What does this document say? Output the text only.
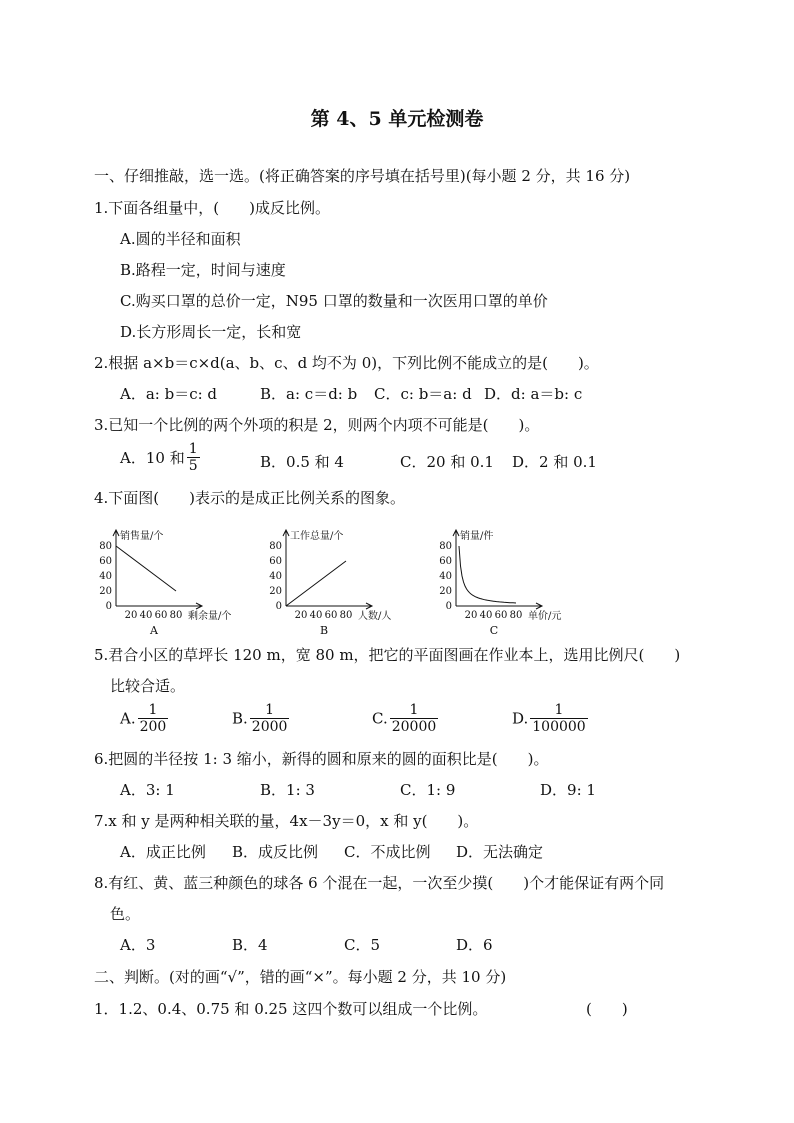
第 4、5 单元检测卷
一、仔细推敲，选一选。(将正确答案的序号填在括号里)(每小题 2 分，共 16 分)
1.下面各组量中，( )成反比例。
A.圆的半径和面积
B.路程一定，时间与速度
C.购买口罩的总价一定，N95 口罩的数量和一次医用口罩的单价
D.长方形周长一定，长和宽
2.根据 a×b＝c×d(a、b、c、d 均不为 0)，下列比例不能成立的是(　　)。
A．a: b＝c: d	B．a: c＝d: b C．c: b＝a: d D．d: a＝b: c
3.已知一个比例的两个外项的积是 2，则两个内项不可能是(　　)。
A．10 和 $\frac{1}{5}$	B．0.5 和 4	C．20 和 0.1 D．2 和 0.1
4.下面图(　　)表示的是成正比例关系的图象。
80
60
40
20
0
20 40 60 80
销售量/个
剩余量/个
A
80
60
40
20
0
20 40 60 80
工作总量/个
人数/人
B
80
60
40
20
0
20 40 60 80
销量/件
单价/元
C
5.君合小区的草坪长 120 m，宽 80 m，把它的平面图画在作业本上，选用比例尺(　　)
比较合适。
A. $\frac{1}{200}$	B. $\frac{1}{2000}$	C. $\frac{1}{20000}$	D. $\frac{1}{100000}$
6.把圆的半径按 1: 3 缩小，新得的圆和原来的圆的面积比是(　　)。
A．3: 1	B．1: 3	C．1: 9	D．9: 1
7.x 和 y 是两种相关联的量，4x－3y＝0，x 和 y(　　)。
A．成正比例 B．成反比例 C．不成比例 D．无法确定
8.有红、黄、蓝三种颜色的球各 6 个混在一起，一次至少摸(　　)个才能保证有两个同
色。
A．3	B．4	C．5	D．6
二、判断。(对的画“√”，错的画“×”。每小题 2 分，共 10 分)
1．1.2、0.4、0.75 和 0.25 这四个数可以组成一个比例。	(　　)
